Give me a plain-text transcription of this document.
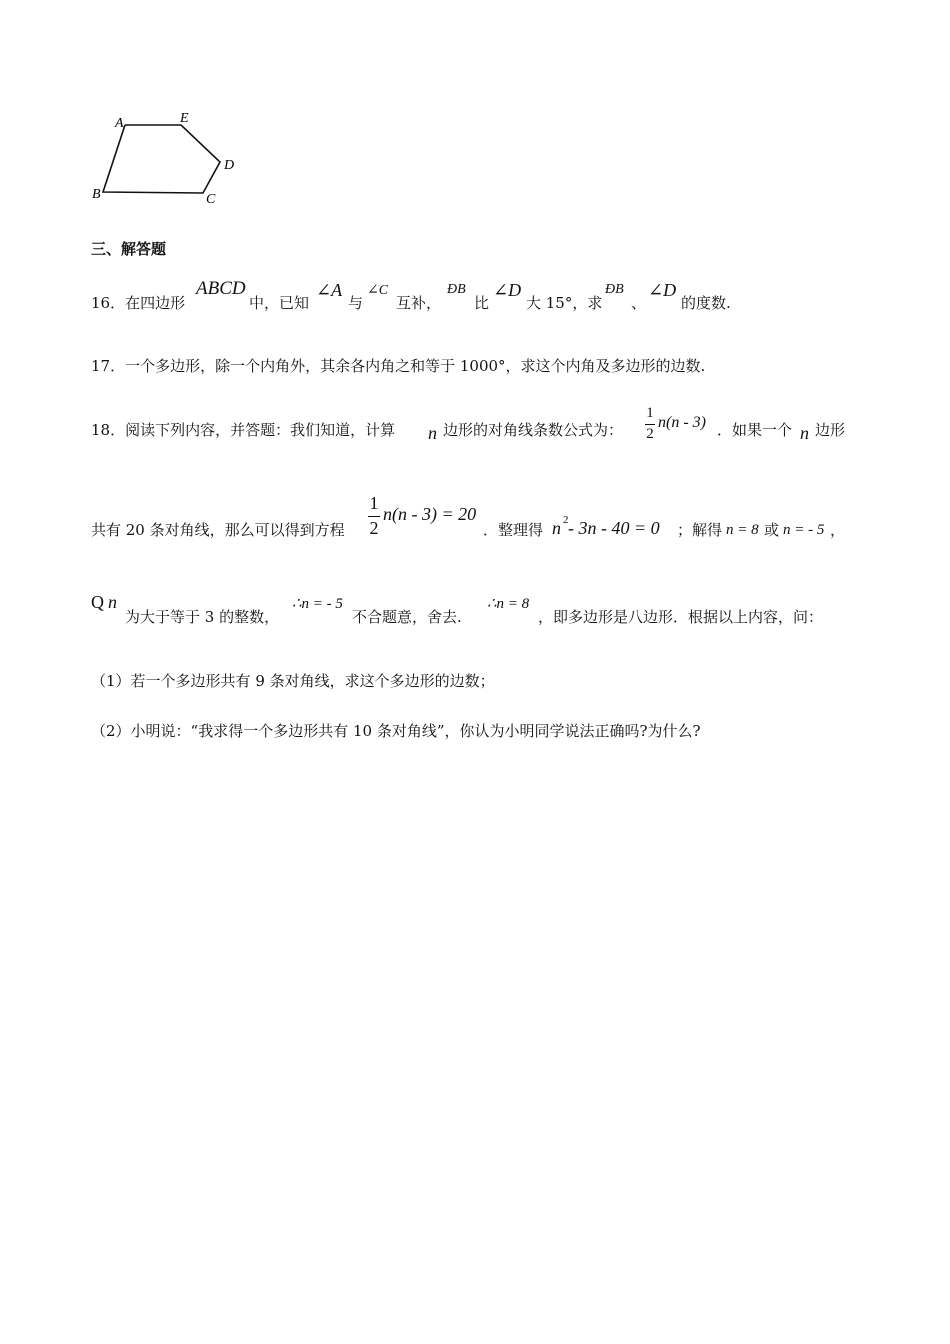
A	E
D
C
B
三、解答题
16．在四边形
ABCD
中，已知
∠A
与
∠C
互补，
ÐB
比
∠D
大 15°，求
ÐB
、
∠D
的度数.
17．一个多边形，除一个内角外，其余各内角之和等于 1000°，求这个内角及多边形的边数.
18．阅读下列内容，并答题：我们知道，计算 n 边形的对角线条数公式为：
1
2
n(n - 3) ．如果一个 n 边形
共有 20 条对角线，那么可以得到方程
1
2
n(n - 3) = 20
．整理得 n 2 - 3n - 40 = 0 ；解得 n = 8 或 n = - 5 ，
Q n
为大于等于 3 的整数，
∴n = - 5
不合题意，舍去.
∴n = 8
，即多边形是八边形．根据以上内容，问：
（1）若一个多边形共有 9 条对角线，求这个多边形的边数；
（2）小明说：“我求得一个多边形共有 10 条对角线”，你认为小明同学说法正确吗?为什么?
